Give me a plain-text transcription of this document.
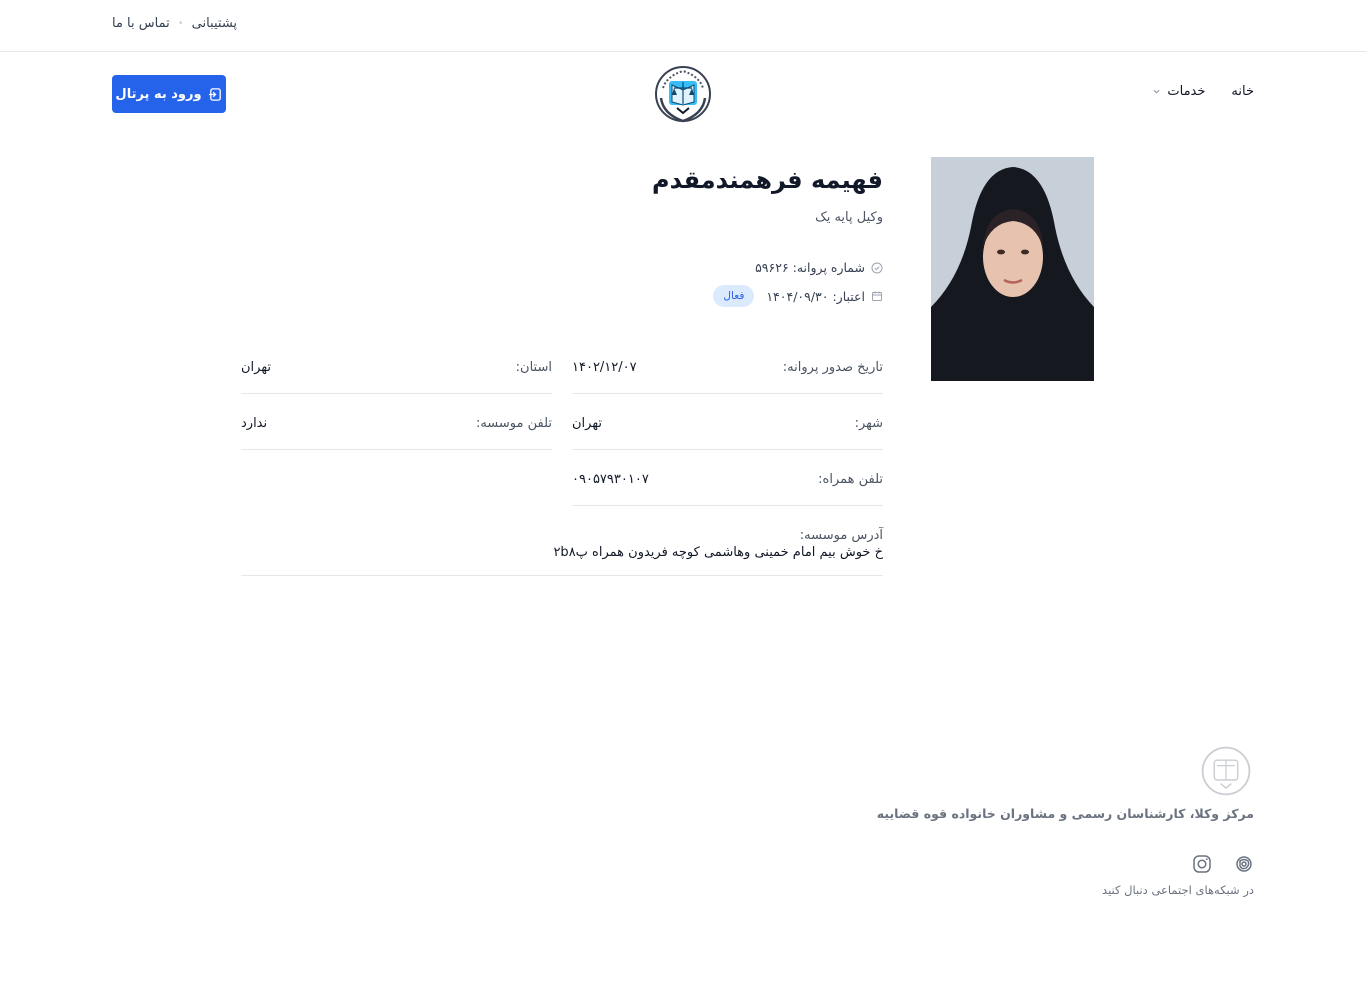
پشتیبانی
•
تماس با ما
ورود به پرتال	خانه
خدمات
فهیمه فرهمندمقدم
وکیل پایه یک
شماره پروانه: ۵۹۶۲۶
اعتبار: ۱۴۰۴/۰۹/۳۰
فعال
تاریخ صدور پروانه:
۱۴۰۲/۱۲/۰۷
استان:
تهران
شهر:
تهران
تلفن موسسه:
ندارد
تلفن همراه:
۰۹۰۵۷۹۳۰۱۰۷
آدرس موسسه:
خ خوش بیم امام خمینی وهاشمی کوچه فریدون همراه پ۲b۸
مرکز وکلا، کارشناسان رسمی و مشاوران خانواده قوه قضاییه
در شبکه‌های اجتماعی دنبال کنید
